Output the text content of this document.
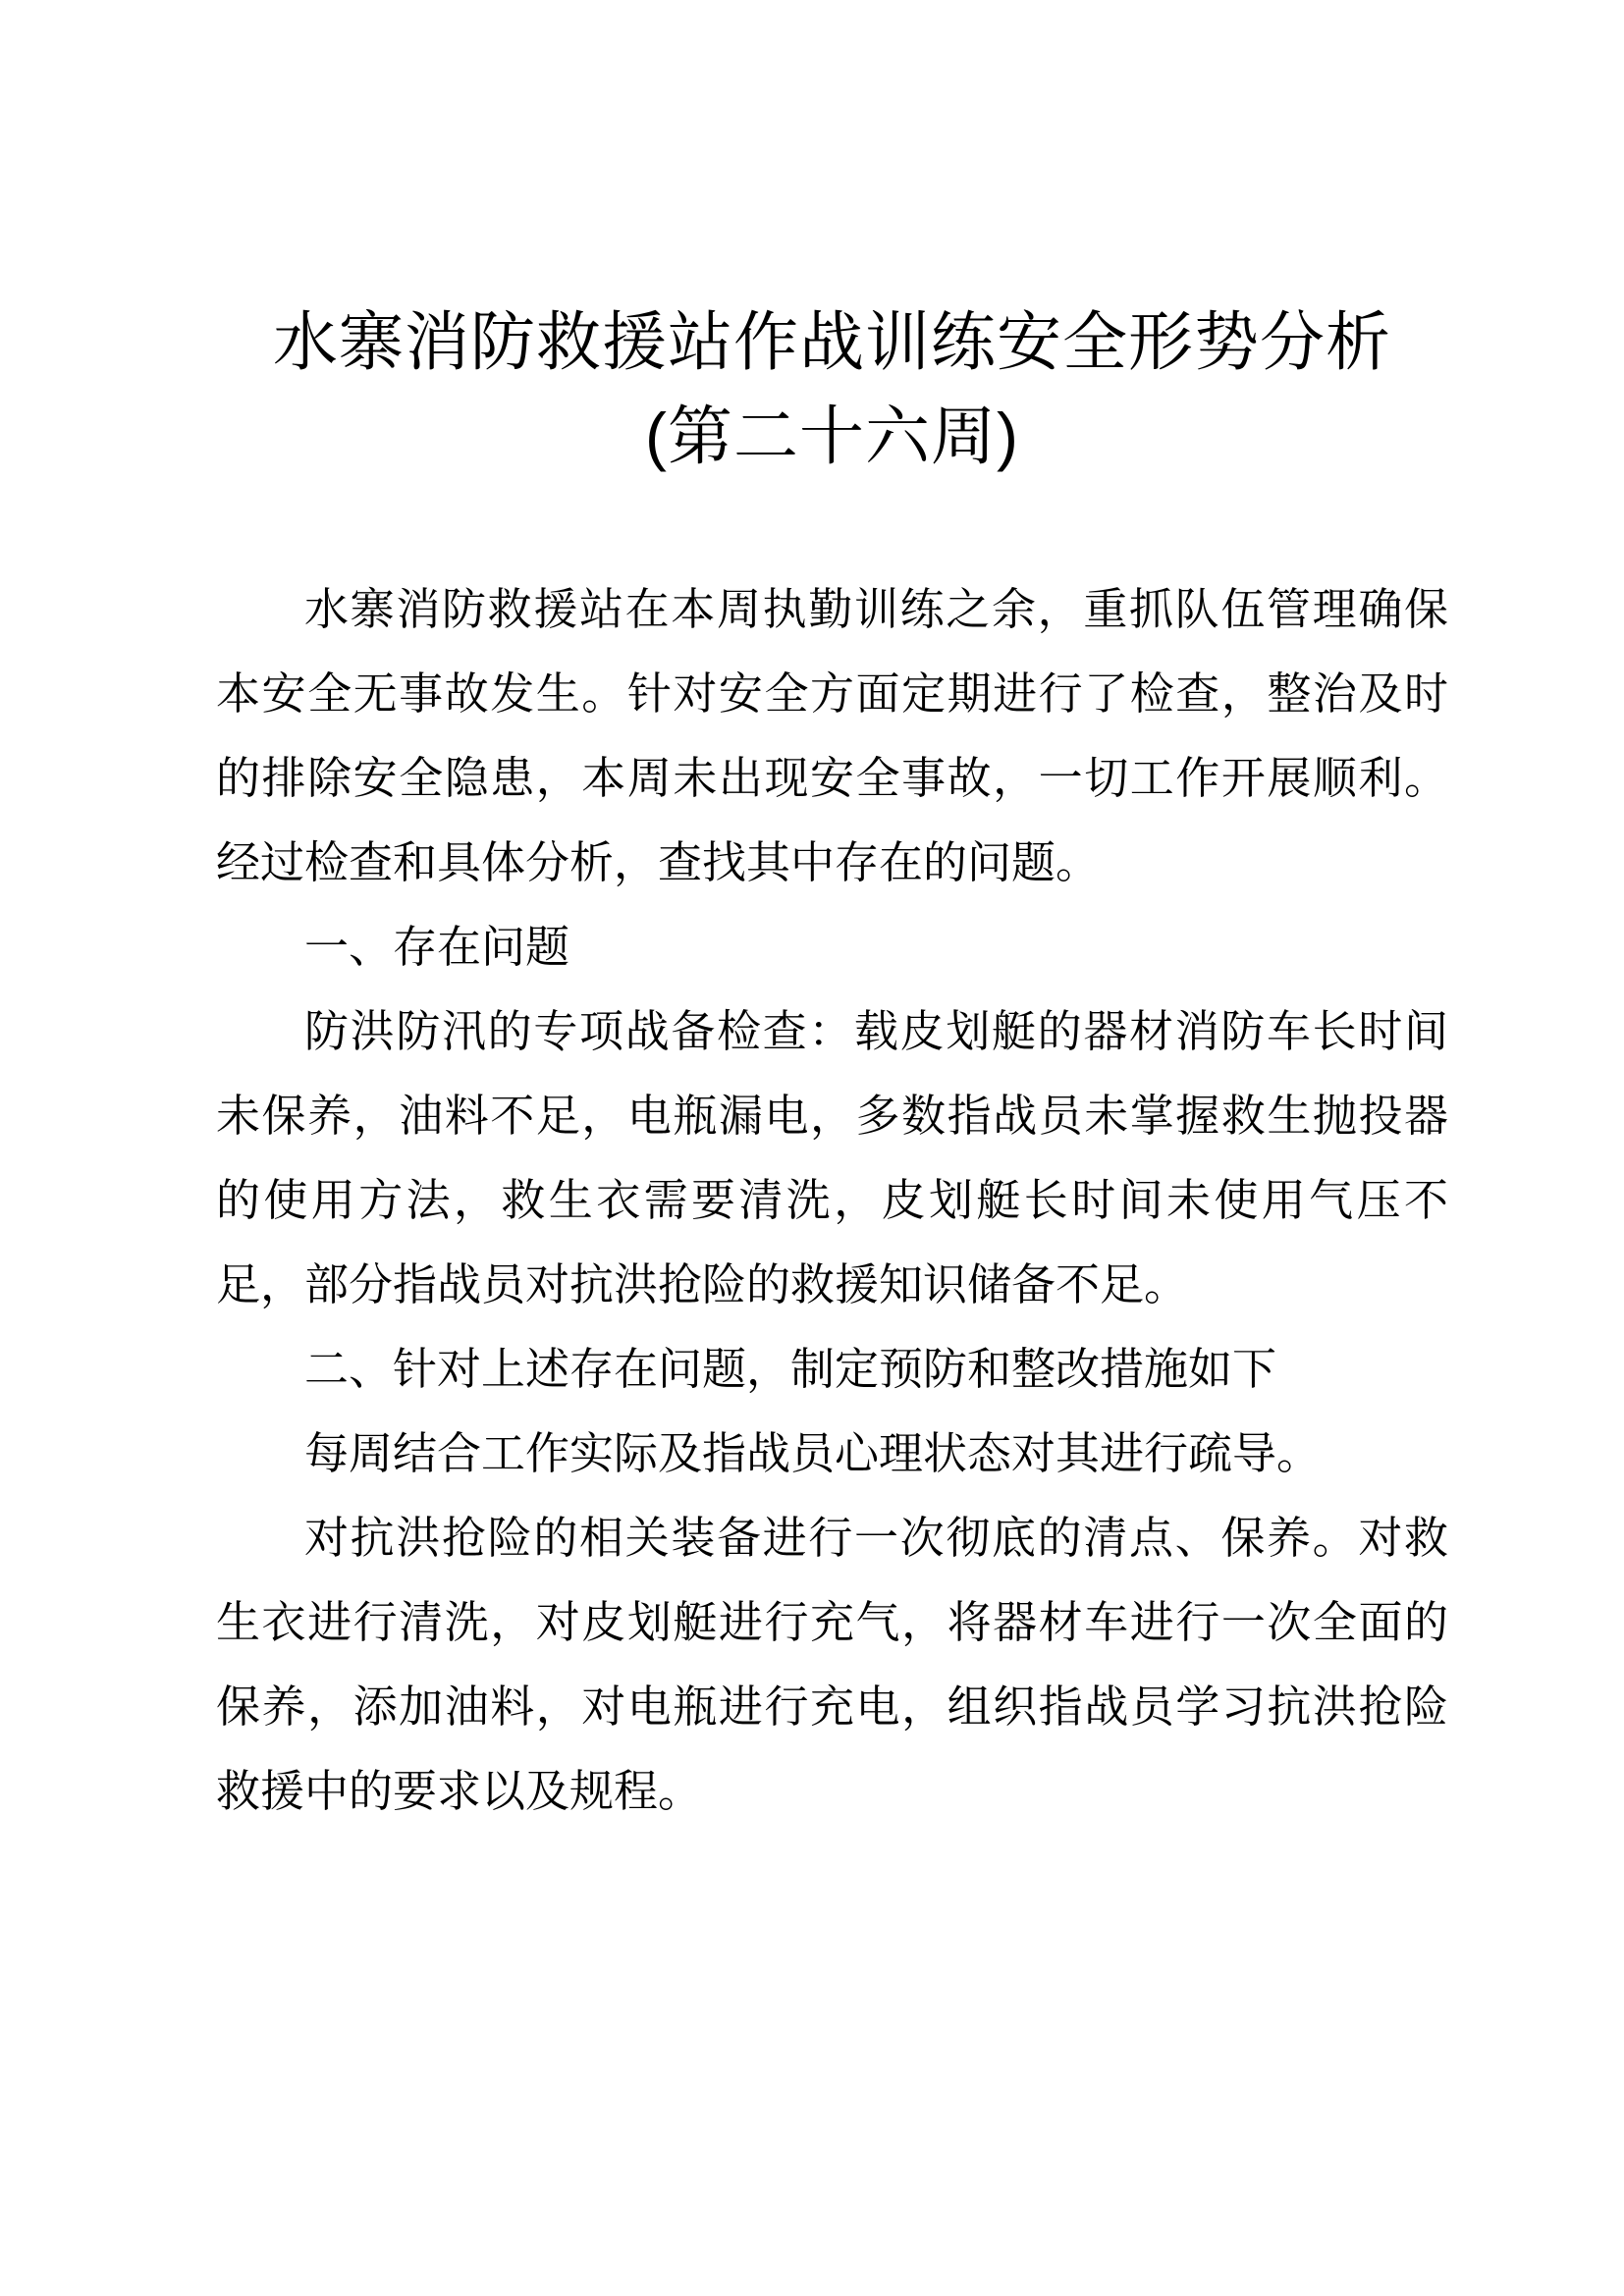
水寨消防救援站作战训练安全形势分析
(第二十六周)

水寨消防救援站在本周执勤训练之余，重抓队伍管理确保本安全无事故发生。针对安全方面定期进行了检查，整治及时的排除安全隐患，本周未出现安全事故，一切工作开展顺利。经过检查和具体分析，查找其中存在的问题。

一、存在问题

防洪防汛的专项战备检查：载皮划艇的器材消防车长时间未保养，油料不足，电瓶漏电，多数指战员未掌握救生抛投器的使用方法，救生衣需要清洗，皮划艇长时间未使用气压不足，部分指战员对抗洪抢险的救援知识储备不足。

二、针对上述存在问题，制定预防和整改措施如下

每周结合工作实际及指战员心理状态对其进行疏导。

对抗洪抢险的相关装备进行一次彻底的清点、保养。对救生衣进行清洗，对皮划艇进行充气，将器材车进行一次全面的保养，添加油料，对电瓶进行充电，组织指战员学习抗洪抢险救援中的要求以及规程。
